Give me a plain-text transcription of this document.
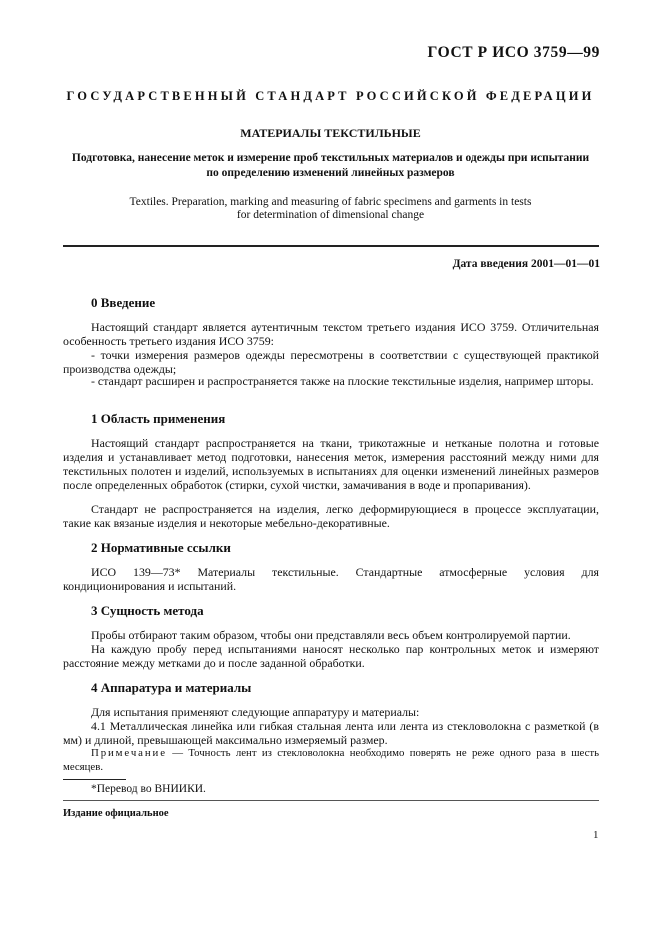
ГОСТ Р ИСО 3759—99
ГОСУДАРСТВЕННЫЙ СТАНДАРТ РОССИЙСКОЙ ФЕДЕРАЦИИ
МАТЕРИАЛЫ ТЕКСТИЛЬНЫЕ
Подготовка, нанесение меток и измерение проб текстильных материалов и одежды при испытании
по определению изменений линейных размеров
Textiles. Preparation, marking and measuring of fabric specimens and garments in tests
for determination of dimensional change
Дата введения 2001—01—01
0 Введение
Настоящий стандарт является аутентичным текстом третьего издания ИСО 3759. Отличительная особенность третьего издания ИСО 3759:
- точки измерения размеров одежды пересмотрены в соответствии с существующей практикой производства одежды;
- стандарт расширен и распространяется также на плоские текстильные изделия, например шторы.
1 Область применения
Настоящий стандарт распространяется на ткани, трикотажные и нетканые полотна и готовые изделия и устанавливает метод подготовки, нанесения меток, измерения расстояний между ними для текстильных полотен и изделий, используемых в испытаниях для оценки изменений линейных размеров после определенных обработок (стирки, сухой чистки, замачивания в воде и пропаривания).
Стандарт не распространяется на изделия, легко деформирующиеся в процессе эксплуатации, такие как вязаные изделия и некоторые мебельно-декоративные.
2 Нормативные ссылки
ИСО 139—73* Материалы текстильные. Стандартные атмосферные условия для кондиционирования и испытаний.
3 Сущность метода
Пробы отбирают таким образом, чтобы они представляли весь объем контролируемой партии.
На каждую пробу перед испытаниями наносят несколько пар контрольных меток и измеряют расстояние между метками до и после заданной обработки.
4 Аппаратура и материалы
Для испытания применяют следующие аппаратуру и материалы:
4.1 Металлическая линейка или гибкая стальная лента или лента из стекловолокна с разметкой (в мм) и длиной, превышающей максимально измеряемый размер.
Примечание — Точность лент из стекловолокна необходимо поверять не реже одного раза в шесть месяцев.
*Перевод во ВНИИКИ.
Издание официальное
1
